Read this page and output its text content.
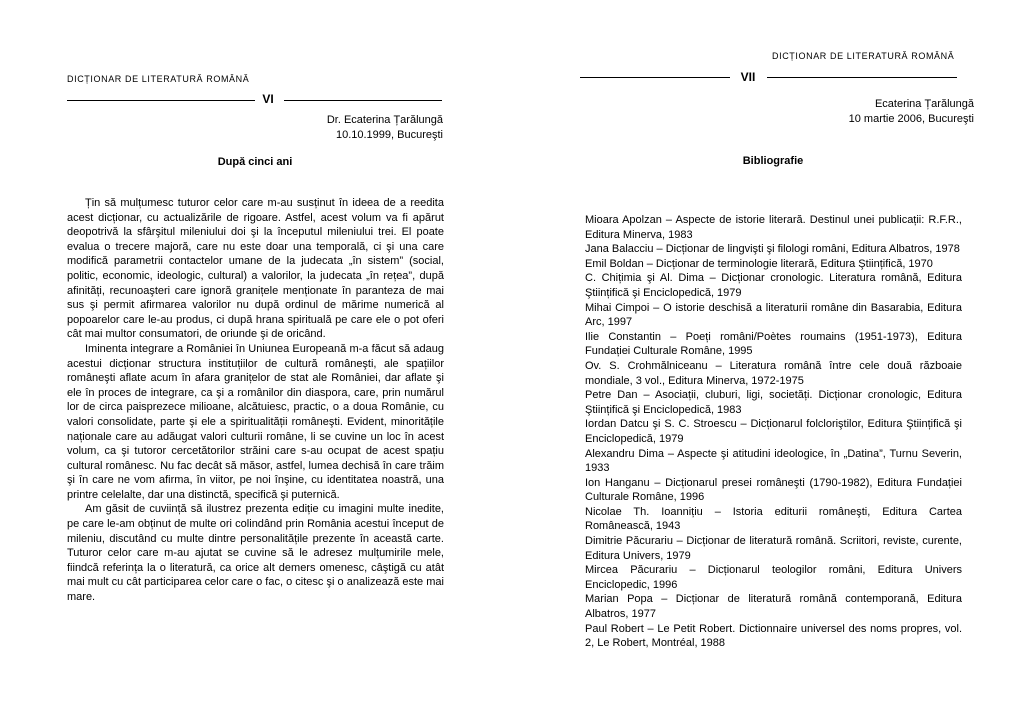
DICȚIONAR DE LITERATURĂ ROMÂNĂ
VI
Dr. Ecaterina Țarălungă
10.10.1999, Bucureşti
După cinci ani

Țin să mulțumesc tuturor celor care m-au susținut în ideea de a reedita acest dicționar, cu actualizările de rigoare. Astfel, acest volum va fi apărut deopotrivă la sfârşitul mileniului doi şi la începutul mileniului trei. El poate evalua o trecere majoră, care nu este doar una temporală, ci şi una care modifică parametrii contactelor umane de la judecata „în sistem” (social, politic, economic, ideologic, cultural) a valorilor, la judecata „în rețea”, după afinități, recunoaşteri care ignoră granițele menționate în paranteza de mai sus şi permit afirmarea valorilor nu după ordinul de mărime numerică al popoarelor care le-au produs, ci după hrana spirituală pe care ele o pot oferi cât mai multor consumatori, de oriunde şi de oricând.

Iminenta integrare a României în Uniunea Europeană m-a făcut să adaug acestui dicționar structura instituțiilor de cultură româneşti, ale spațiilor româneşti aflate acum în afara granițelor de stat ale României, dar aflate şi ele în proces de integrare, ca şi a românilor din diaspora, care, prin numărul lor de circa paisprezece milioane, alcătuiesc, practic, o a doua Românie, cu valori consolidate, parte şi ele a spiritualității româneşti. Evident, minoritățile naționale care au adăugat valori culturii române, li se cuvine un loc în acest volum, ca şi tutoror cercetătorilor străini care s-au ocupat de acest spațiu cultural românesc. Nu fac decât să măsor, astfel, lumea dechisă în care trăim şi în care ne vom afirma, în viitor, pe noi înşine, cu identitatea noastră, una printre celelalte, dar una distinctă, specifică şi puternică.

Am găsit de cuviință să ilustrez prezenta ediție cu imagini multe inedite, pe care le-am obținut de multe ori colindând prin România acestui început de mileniu, discutând cu multe dintre personalitățile prezente în această carte. Tuturor celor care m-au ajutat se cuvine să le adresez mulțumirile mele, fiindcă referința la o literatură, ca orice alt demers omenesc, câştigă cu atât mai mult cu cât participarea celor care o fac, o citesc şi o analizează este mai mare.

DICȚIONAR DE LITERATURĂ ROMÂNĂ
VII
Ecaterina Țarălungă
10 martie 2006, Bucureşti
Bibliografie

Mioara Apolzan – Aspecte de istorie literară. Destinul unei publicații: R.F.R., Editura Minerva, 1983

Jana Balacciu – Dicționar de lingvişti şi filologi români, Editura Albatros, 1978

Emil Boldan – Dicționar de terminologie literară, Editura Ştiințifică, 1970

C. Chițimia şi Al. Dima – Dicționar cronologic. Literatura română, Editura Ştiințifică şi Enciclopedică, 1979

Mihai Cimpoi – O istorie deschisă a literaturii române din Basarabia, Editura Arc, 1997

Ilie Constantin – Poeți români/Poètes roumains (1951-1973), Editura Fundației Culturale Române, 1995

Ov. S. Crohmălniceanu – Literatura română între cele două războaie mondiale, 3 vol., Editura Minerva, 1972-1975

Petre Dan – Asociații, cluburi, ligi, societăți. Dicționar cronologic, Editura Ştiințifică şi Enciclopedică, 1983

Iordan Datcu şi S. C. Stroescu – Dicționarul folcloriştilor, Editura Ştiințifică şi Enciclopedică, 1979

Alexandru Dima – Aspecte şi atitudini ideologice, în „Datina”, Turnu Severin, 1933

Ion Hanganu – Dicționarul presei româneşti (1790-1982), Editura Fundației Culturale Române, 1996

Nicolae Th. Ioannițiu – Istoria editurii româneşti, Editura Cartea Românească, 1943

Dimitrie Păcurariu – Dicționar de literatură română. Scriitori, reviste, curente, Editura Univers, 1979

Mircea Păcurariu – Dicționarul teologilor români, Editura Univers Enciclopedic, 1996

Marian Popa – Dicționar de literatură română contemporană, Editura Albatros, 1977

Paul Robert – Le Petit Robert. Dictionnaire universel des noms propres, vol. 2, Le Robert, Montréal, 1988
